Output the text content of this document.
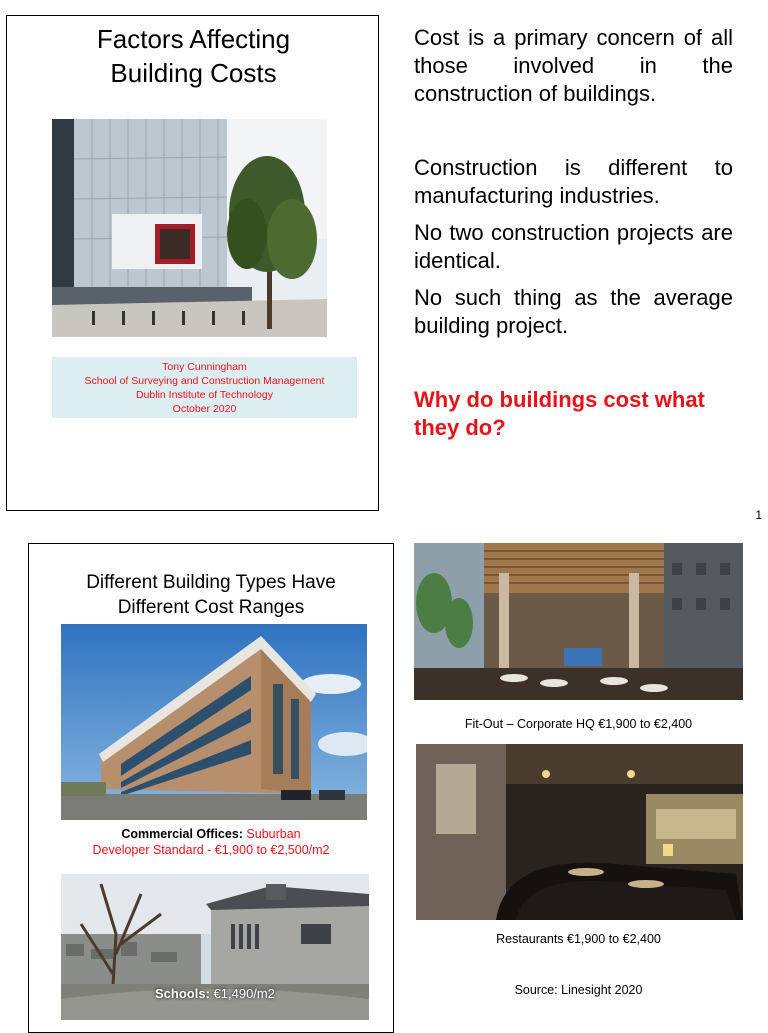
Factors Affecting
Building Costs
Tony Cunningham
School of Surveying and Construction Management
Dublin Institute of Technology
October 2020

Cost is a primary concern of all those involved in the construction of buildings.

Construction is different to manufacturing industries.

No two construction projects are identical.

No such thing as the average building project.

Why do buildings cost what they do?

1
Different Building Types Have
Different Cost Ranges
Commercial Offices: Suburban
Developer Standard - €1,900 to €2,500/m2
Schools: €1,490/m2
Fit-Out – Corporate HQ €1,900 to €2,400
Restaurants €1,900 to €2,400
Source: Linesight 2020
